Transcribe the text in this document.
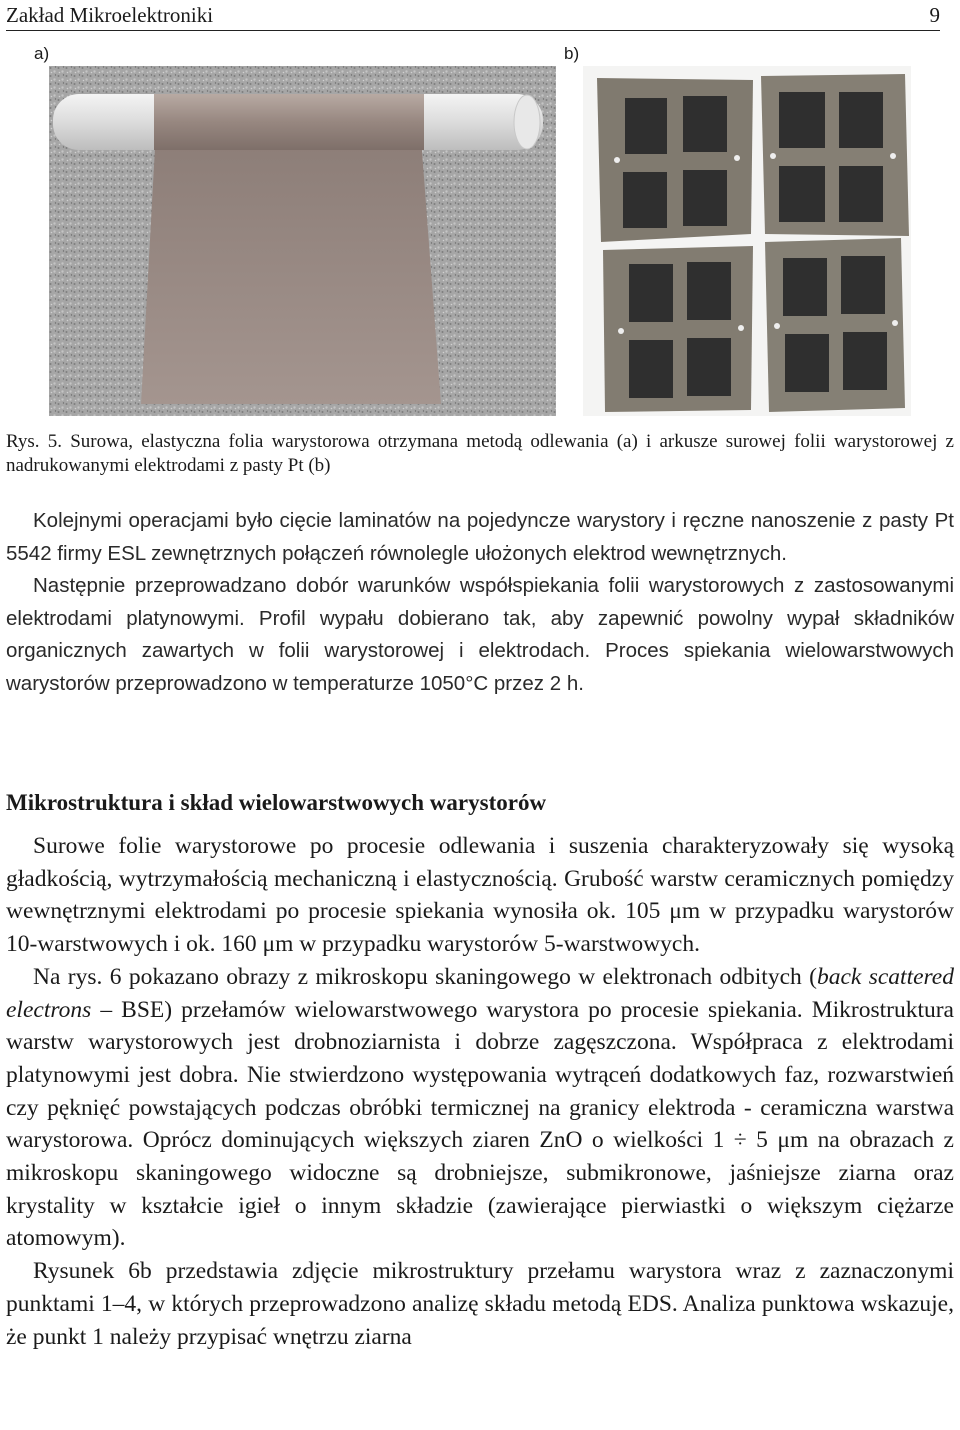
Zakład Mikroelektroniki	9
a)	b)
Rys. 5. Surowa, elastyczna folia warystorowa otrzymana metodą odlewania (a) i arkusze surowej folii warystorowej z nadrukowanymi elektrodami z pasty Pt (b)

Kolejnymi operacjami było cięcie laminatów na pojedyncze warystory i ręczne nanoszenie z pasty Pt 5542 firmy ESL zewnętrznych połączeń równolegle ułożonych elektrod wewnętrznych.

Następnie przeprowadzano dobór warunków współspiekania folii warystorowych z zastosowanymi elektrodami platynowymi. Profil wypału dobierano tak, aby zapewnić powolny wypał składników organicznych zawartych w folii warystorowej i elektrodach. Proces spiekania wielowarstwowych warystorów przeprowadzono w temperaturze 1050°C przez 2 h.

Mikrostruktura i skład wielowarstwowych warystorów

Surowe folie warystorowe po procesie odlewania i suszenia charakteryzowały się wysoką gładkością, wytrzymałością mechaniczną i elastycznością. Grubość warstw ceramicznych pomiędzy wewnętrznymi elektrodami po procesie spiekania wynosiła ok. 105 μm w przypadku warystorów 10-warstwowych i ok. 160 μm w przypadku warystorów 5-warstwowych.

Na rys. 6 pokazano obrazy z mikroskopu skaningowego w elektronach odbitych (back scattered electrons – BSE) przełamów wielowarstwowego warystora po procesie spiekania. Mikrostruktura warstw warystorowych jest drobnoziarnista i dobrze zagęszczona. Współpraca z elektrodami platynowymi jest dobra. Nie stwierdzono występowania wytrąceń dodatkowych faz, rozwarstwień czy pęknięć powstających podczas obróbki termicznej na granicy elektroda - ceramiczna warstwa warystorowa. Oprócz dominujących większych ziaren ZnO o wielkości 1 ÷ 5 μm na obrazach z mikroskopu skaningowego widoczne są drobniejsze, submikronowe, jaśniejsze ziarna oraz krystality w kształcie igieł o innym składzie (zawierające pierwiastki o większym ciężarze atomowym).

Rysunek 6b przedstawia zdjęcie mikrostruktury przełamu warystora wraz z zaznaczonymi punktami 1–4, w których przeprowadzono analizę składu metodą EDS. Analiza punktowa wskazuje, że punkt 1 należy przypisać wnętrzu ziarna
